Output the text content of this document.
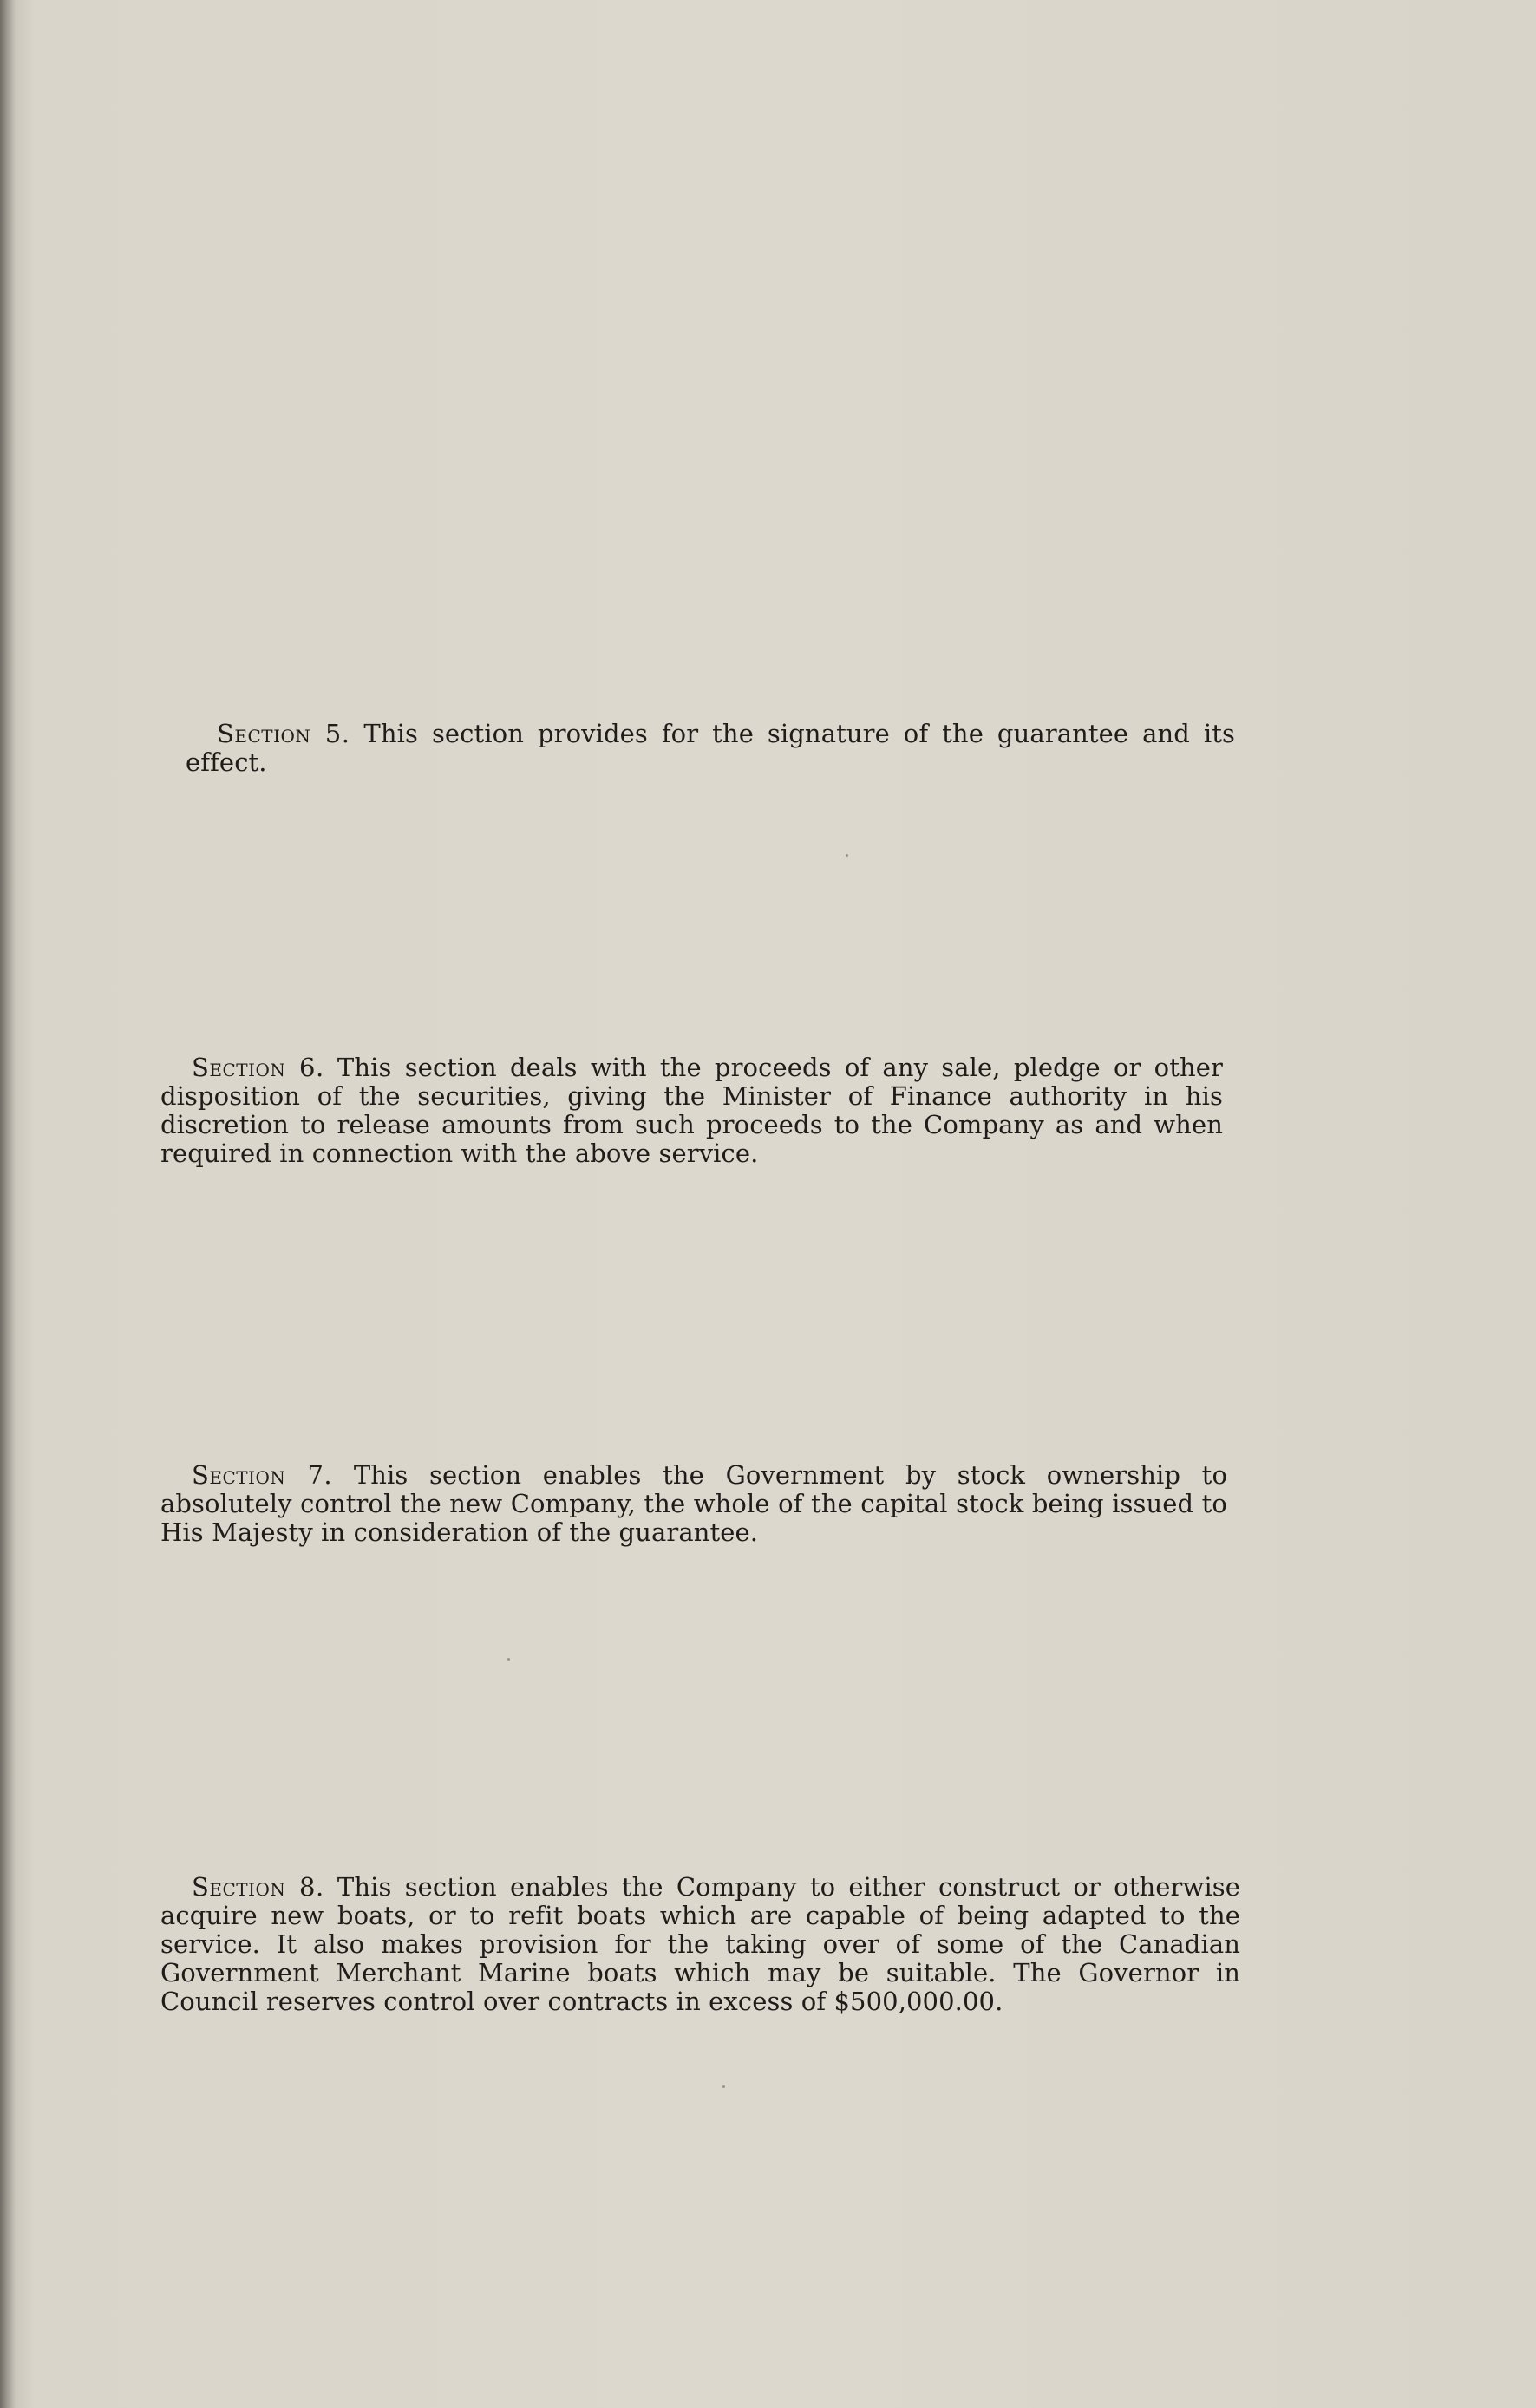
Section 5. This section provides for the signature of the guarantee and its effect.

Section 6. This section deals with the proceeds of any sale, pledge or other disposition of the securities, giving the Minister of Finance authority in his discretion to release amounts from such proceeds to the Company as and when required in connection with the above service.

Section 7. This section enables the Government by stock ownership to absolutely control the new Company, the whole of the capital stock being issued to His Majesty in consideration of the guarantee.

Section 8. This section enables the Company to either construct or otherwise acquire new boats, or to refit boats which are capable of being adapted to the service. It also makes provision for the taking over of some of the Canadian Government Merchant Marine boats which may be suitable. The Governor in Council reserves control over contracts in excess of $500,000.00.
